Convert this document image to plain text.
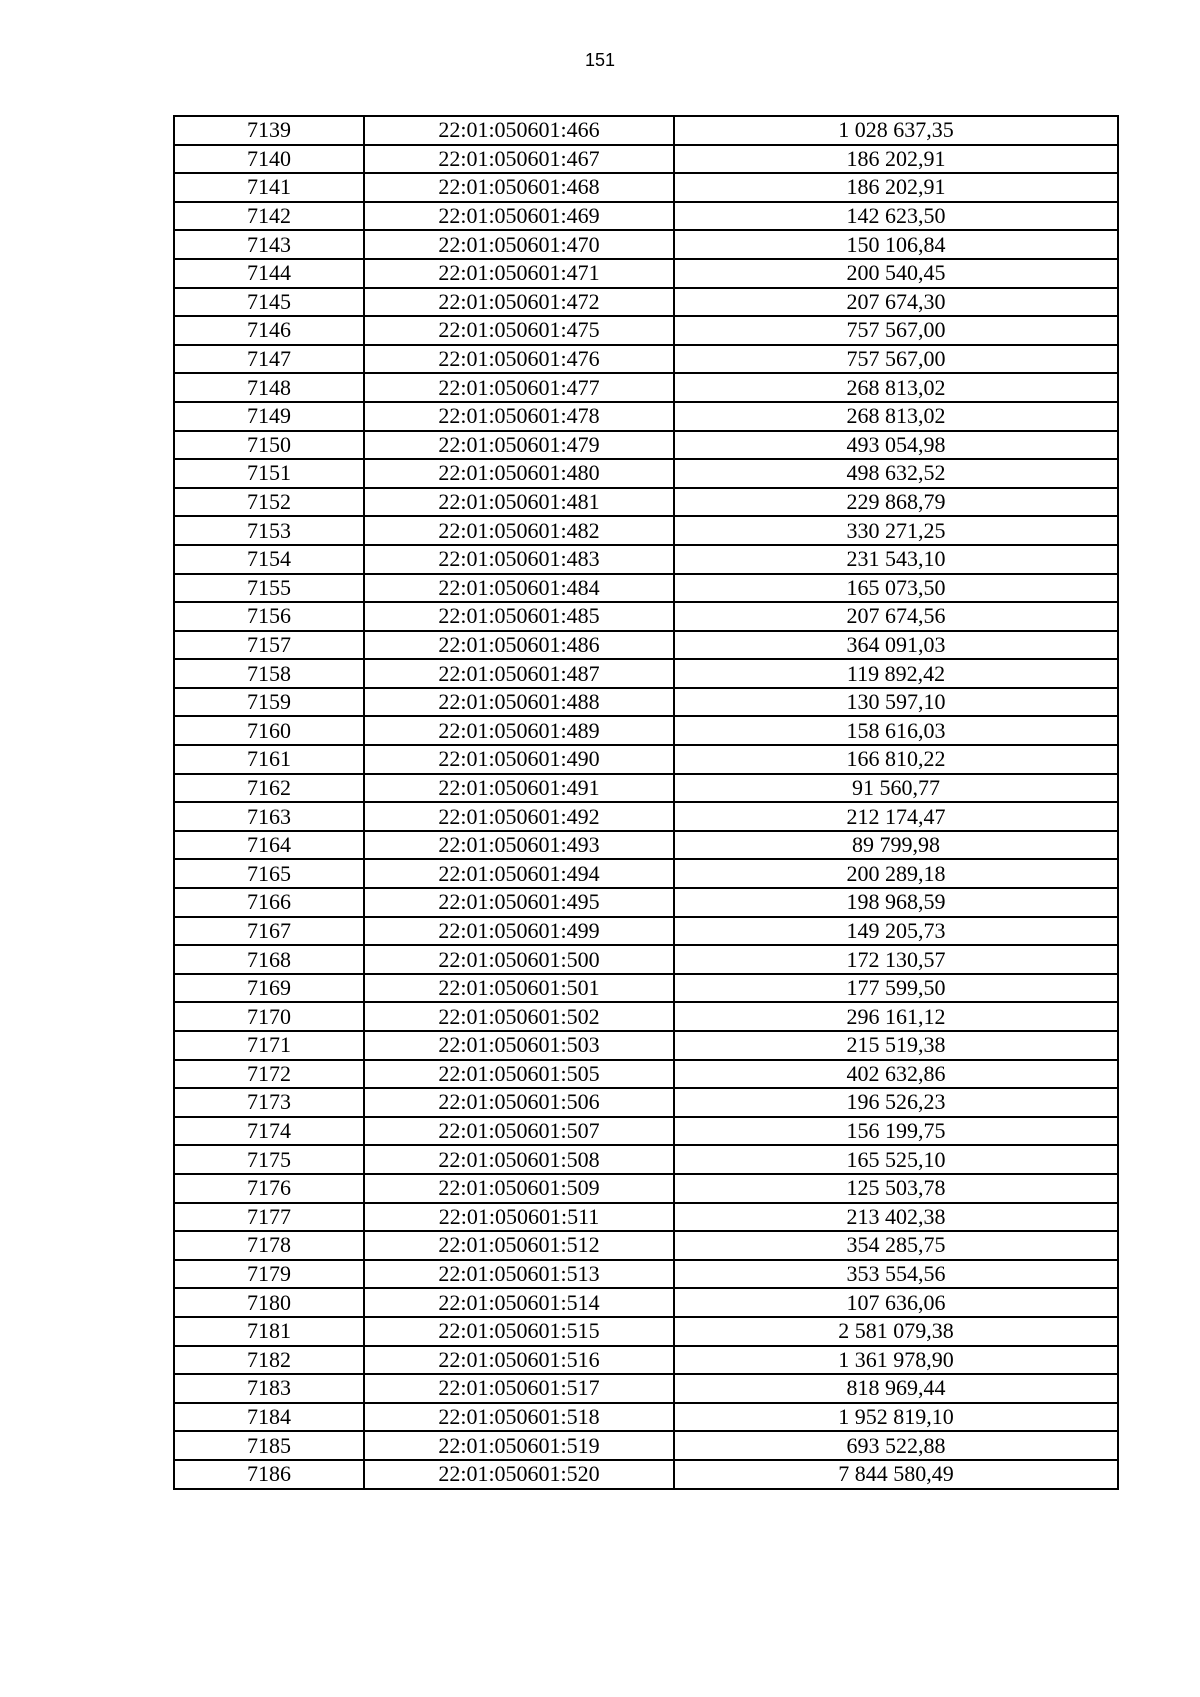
151
7139	22:01:050601:466	1 028 637,35
7140	22:01:050601:467	186 202,91
7141	22:01:050601:468	186 202,91
7142	22:01:050601:469	142 623,50
7143	22:01:050601:470	150 106,84
7144	22:01:050601:471	200 540,45
7145	22:01:050601:472	207 674,30
7146	22:01:050601:475	757 567,00
7147	22:01:050601:476	757 567,00
7148	22:01:050601:477	268 813,02
7149	22:01:050601:478	268 813,02
7150	22:01:050601:479	493 054,98
7151	22:01:050601:480	498 632,52
7152	22:01:050601:481	229 868,79
7153	22:01:050601:482	330 271,25
7154	22:01:050601:483	231 543,10
7155	22:01:050601:484	165 073,50
7156	22:01:050601:485	207 674,56
7157	22:01:050601:486	364 091,03
7158	22:01:050601:487	119 892,42
7159	22:01:050601:488	130 597,10
7160	22:01:050601:489	158 616,03
7161	22:01:050601:490	166 810,22
7162	22:01:050601:491	91 560,77
7163	22:01:050601:492	212 174,47
7164	22:01:050601:493	89 799,98
7165	22:01:050601:494	200 289,18
7166	22:01:050601:495	198 968,59
7167	22:01:050601:499	149 205,73
7168	22:01:050601:500	172 130,57
7169	22:01:050601:501	177 599,50
7170	22:01:050601:502	296 161,12
7171	22:01:050601:503	215 519,38
7172	22:01:050601:505	402 632,86
7173	22:01:050601:506	196 526,23
7174	22:01:050601:507	156 199,75
7175	22:01:050601:508	165 525,10
7176	22:01:050601:509	125 503,78
7177	22:01:050601:511	213 402,38
7178	22:01:050601:512	354 285,75
7179	22:01:050601:513	353 554,56
7180	22:01:050601:514	107 636,06
7181	22:01:050601:515	2 581 079,38
7182	22:01:050601:516	1 361 978,90
7183	22:01:050601:517	818 969,44
7184	22:01:050601:518	1 952 819,10
7185	22:01:050601:519	693 522,88
7186	22:01:050601:520	7 844 580,49
